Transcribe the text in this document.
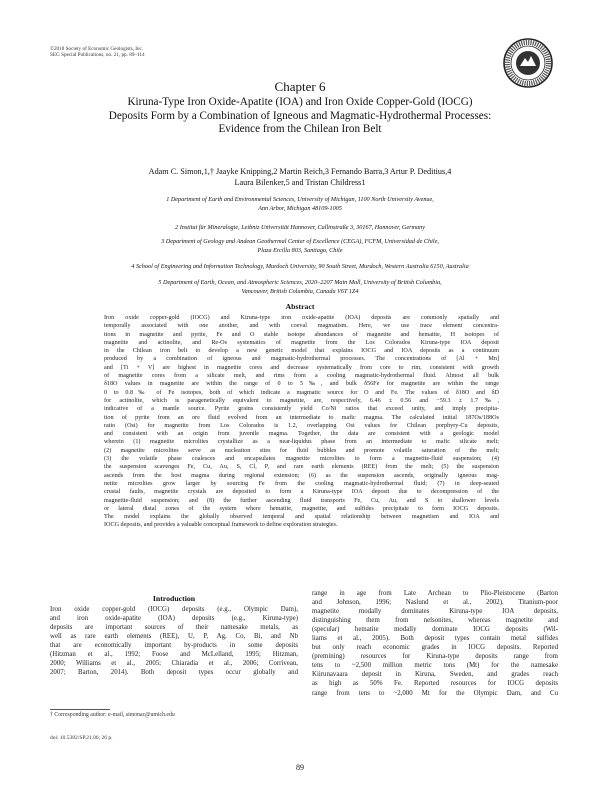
©2018 Society of Economic Geologists, Inc.
SEG Special Publications, no. 21, pp. 89–114
Chapter 6
Kiruna-Type Iron Oxide-Apatite (IOA) and Iron Oxide Copper-Gold (IOCG)
Deposits Form by a Combination of Igneous and Magmatic-Hydrothermal Processes:
Evidence from the Chilean Iron Belt
Adam C. Simon,1,† Jaayke Knipping,2 Martin Reich,3 Fernando Barra,3 Artur P. Deditius,4
Laura Bilenker,5 and Tristan Childress1
1 Department of Earth and Environmental Sciences, University of Michigan, 1100 North University Avenue,
Ann Arbor, Michigan 48109-1005
2 Institut für Mineralogie, Leibniz Universität Hannover, Callinstraße 3, 30167, Hannover, Germany
3 Department of Geology and Andean Geothermal Center of Excellence (CEGA), FCFM, Universidad de Chile,
Plaza Ercilla 803, Santiago, Chile
4 School of Engineering and Information Technology, Murdoch University, 90 South Street, Murdoch, Western Australia 6150, Australia
5 Department of Earth, Ocean, and Atmospheric Sciences, 2020–2207 Main Mall, University of British Columbia,
Vancouver, British Columbia, Canada V6T 1Z4
Abstract
Iron oxide copper-gold (IOCG) and Kiruna-type iron oxide-apatite (IOA) deposits are commonly spatially and
temporally associated with one another, and with coeval magmatism. Here, we use trace element concentra-
tions in magnetite and pyrite, Fe and O stable isotope abundances of magnetite and hematite, H isotopes of
magnetite and actinolite, and Re-Os systematics of magnetite from the Los Colorados Kiruna-type IOA deposit
in the Chilean iron belt to develop a new genetic model that explains IOCG and IOA deposits as a continuum
produced by a combination of igneous and magmatic-hydrothermal processes. The concentrations of [Al + Mn]
and [Ti + V] are highest in magnetite cores and decrease systematically from core to rim, consistent with growth
of magnetite cores from a silicate melt, and rims from a cooling magmatic-hydrothermal fluid. Almost all bulk
δ18O values in magnetite are within the range of 0 to 5‰, and bulk δ56Fe for magnetite are within the range
0 to 0.8‰ of Fe isotopes, both of which indicate a magmatic source for O and Fe. The values of δ18O and δD
for actinolite, which is paragenetically equivalent to magnetite, are, respectively, 6.46 ± 0.56 and −59.3 ± 1.7‰,
indicative of a mantle source. Pyrite grains consistently yield Co/Ni ratios that exceed unity, and imply precipita-
tion of pyrite from an ore fluid evolved from an intermediate to mafic magma. The calculated initial 187Os/188Os
ratio (Osi) for magnetite from Los Colorados is 1.2, overlapping Osi values for Chilean porphyry-Cu deposits,
and consistent with an origin from juvenile magma. Together, the data are consistent with a geologic model
wherein (1) magnetite microlites crystallize as a near-liquidus phase from an intermediate to mafic silicate melt;
(2) magnetite microlites serve as nucleation sites for fluid bubbles and promote volatile saturation of the melt;
(3) the volatile phase coalesces and encapsulates magnetite microlites to form a magnetite-fluid suspension; (4)
the suspension scavenges Fe, Cu, Au, S, Cl, P, and rare earth elements (REE) from the melt; (5) the suspension
ascends from the host magma during regional extension; (6) as the suspension ascends, originally igneous mag-
netite microlites grow larger by sourcing Fe from the cooling magmatic-hydrothermal fluid; (7) in deep-seated
crustal faults, magnetite crystals are deposited to form a Kiruna-type IOA deposit due to decompression of the
magnetite-fluid suspension; and (8) the further ascending fluid transports Fe, Cu, Au, and S to shallower levels
or lateral distal zones of the system where hematite, magnetite, and sulfides precipitate to form IOCG deposits.
The model explains the globally observed temporal and spatial relationship between magnetism and IOA and
IOCG deposits, and provides a valuable conceptual framework to define exploration strategies.
Introduction
Iron oxide copper-gold (IOCG) deposits (e.g., Olympic Dam),
and iron oxide-apatite (IOA) deposits (e.g., Kiruna-type)
deposits are important sources of their namesake metals, as
well as rare earth elements (REE), U, P, Ag, Co, Bi, and Nb
that are economically important by-products in some deposits
(Hitzman et al., 1992; Foose and McLelland, 1995; Hitzman,
2000; Williams et al., 2005; Chiaradia et al., 2006; Corriveau,
2007; Barton, 2014). Both deposit types occur globally and
range in age from Late Archean to Plio-Pleistocene (Barton
and Johnson, 1996; Naslund et al., 2002). Titanium-poor
magnetite modally dominates Kiruna-type IOA deposits,
distinguishing them from nelsonites, whereas magnetite and
(specular) hematite modally dominate IOCG deposits (Wil-
liams et al., 2005). Both deposit types contain metal sulfides
but only reach economic grades in IOCG deposits. Reported
(premining) resources for Kiruna-type deposits range from
tens to ~2,500 million metric tons (Mt) for the namesake
Kiirunavaara deposit in Kiruna, Sweden, and grades reach
as high as 50% Fe. Reported resources for IOCG deposits
range from tens to ~2,000 Mt for the Olympic Dam, and Cu
† Corresponding author: e-mail, simonac@umich.edu
doi: 10.5382/SP.21.06; 26 p.
89
